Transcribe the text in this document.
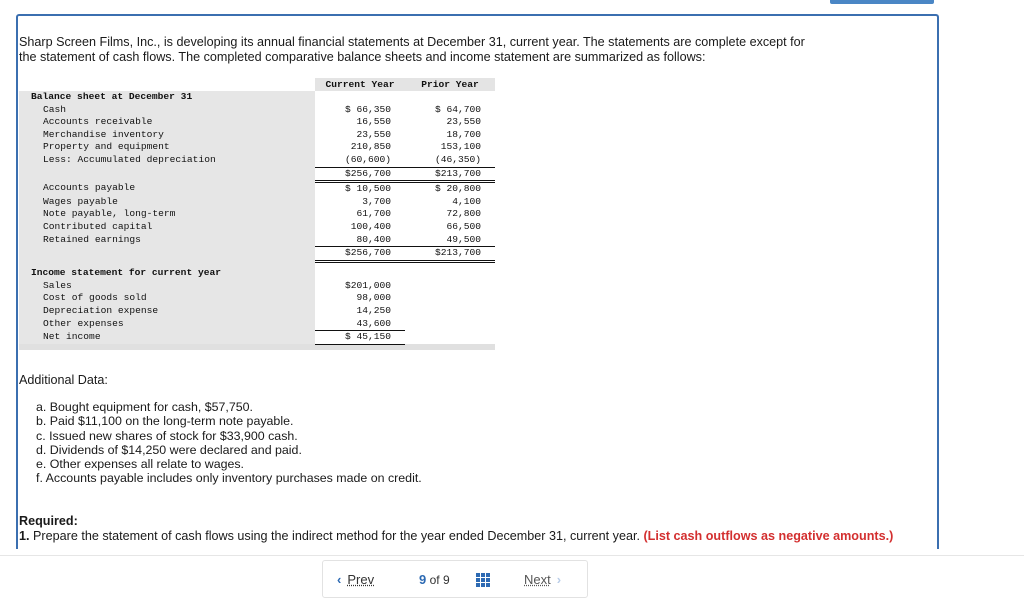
Sharp Screen Films, Inc., is developing its annual financial statements at December 31, current year. The statements are complete except for the statement of cash flows. The completed comparative balance sheets and income statement are summarized as follows:

	Current Year	Prior Year
Balance sheet at December 31		
Cash	$ 66,350	$ 64,700
Accounts receivable	16,550	23,550
Merchandise inventory	23,550	18,700
Property and equipment	210,850	153,100
Less: Accumulated depreciation	(60,600)	(46,350)
	$256,700	$213,700
Accounts payable	$ 10,500	$ 20,800
Wages payable	3,700	4,100
Note payable, long-term	61,700	72,800
Contributed capital	100,400	66,500
Retained earnings	80,400	49,500
	$256,700	$213,700

Income statement for current year		
Sales	$201,000	
Cost of goods sold	98,000	
Depreciation expense	14,250	
Other expenses	43,600	
Net income	$ 45,150	

Additional Data:
a. Bought equipment for cash, $57,750.
b. Paid $11,100 on the long-term note payable.
c. Issued new shares of stock for $33,900 cash.
d. Dividends of $14,250 were declared and paid.
e. Other expenses all relate to wages.
f. Accounts payable includes only inventory purchases made on credit.
Required:
1. Prepare the statement of cash flows using the indirect method for the year ended December 31, current year. (List cash outflows as negative amounts.)
‹ Prev	9 of 9	Next ›
